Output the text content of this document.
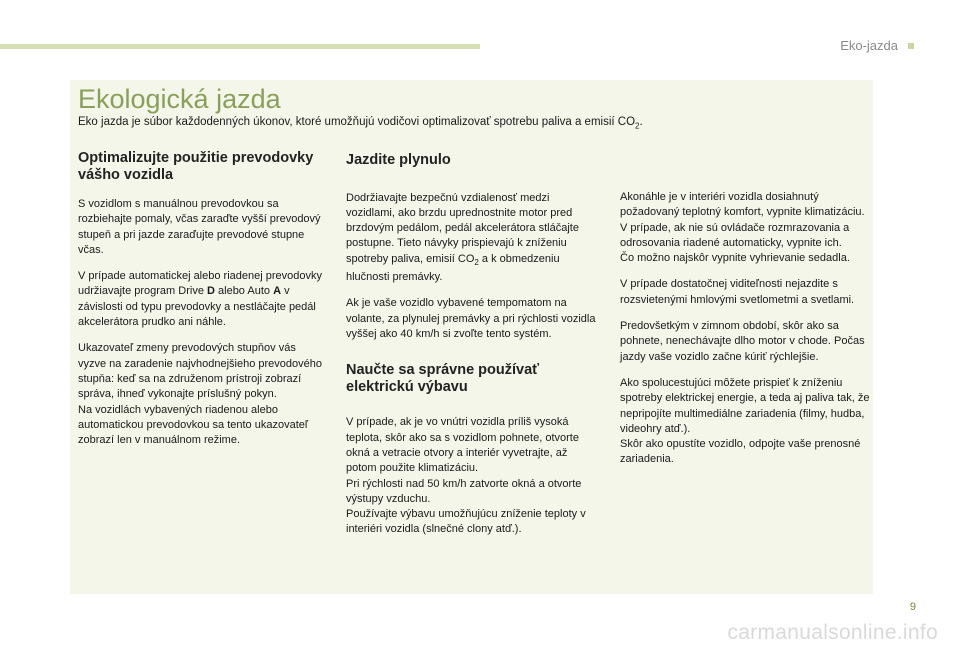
Eko-jazda
Ekologická jazda

Eko jazda je súbor každodenných úkonov, ktoré umožňujú vodičovi optimalizovať spotrebu paliva a emisií $CO_2$.

Optimalizujte použitie prevodovky vášho vozidla

S vozidlom s manuálnou prevodovkou sa rozbiehajte pomaly, včas zaraďte vyšší prevodový stupeň a pri jazde zaraďujte prevodové stupne včas.

V prípade automatickej alebo riadenej prevodovky udržiavajte program Drive D alebo Auto A v závislosti od typu prevodovky a nestláčajte pedál akcelerátora prudko ani náhle.

Ukazovateľ zmeny prevodových stupňov vás vyzve na zaradenie najvhodnejšieho prevodového stupňa: keď sa na združenom prístroji zobrazí správa, ihneď vykonajte príslušný pokyn.
Na vozidlách vybavených riadenou alebo automatickou prevodovkou sa tento ukazovateľ zobrazí len v manuálnom režime.

Jazdite plynulo

Dodržiavajte bezpečnú vzdialenosť medzi vozidlami, ako brzdu uprednostnite motor pred brzdovým pedálom, pedál akcelerátora stláčajte postupne. Tieto návyky prispievajú k zníženiu spotreby paliva, emisií $CO_2$ a k obmedzeniu hlučnosti premávky.

Ak je vaše vozidlo vybavené tempomatom na volante, za plynulej premávky a pri rýchlosti vozidla vyššej ako 40 km/h si zvoľte tento systém.

Naučte sa správne používať elektrickú výbavu

V prípade, ak je vo vnútri vozidla príliš vysoká teplota, skôr ako sa s vozidlom pohnete, otvorte okná a vetracie otvory a interiér vyvetrajte, až potom použite klimatizáciu.
Pri rýchlosti nad 50 km/h zatvorte okná a otvorte výstupy vzduchu.
Používajte výbavu umožňujúcu zníženie teploty v interiéri vozidla (slnečné clony atď.).

Akonáhle je v interiéri vozidla dosiahnutý požadovaný teplotný komfort, vypnite klimatizáciu.
V prípade, ak nie sú ovládače rozmrazovania a odrosovania riadené automaticky, vypnite ich.
Čo možno najskôr vypnite vyhrievanie sedadla.

V prípade dostatočnej viditeľnosti nejazdite s rozsvietenými hmlovými svetlometmi a svetlami.

Predovšetkým v zimnom období, skôr ako sa pohnete, nenechávajte dlho motor v chode. Počas jazdy vaše vozidlo začne kúriť rýchlejšie.

Ako spolucestujúci môžete prispieť k zníženiu spotreby elektrickej energie, a teda aj paliva tak, že nepripojíte multimediálne zariadenia (filmy, hudba, videohry atď.).
Skôr ako opustíte vozidlo, odpojte vaše prenosné zariadenia.

9
carmanualsonline.info
